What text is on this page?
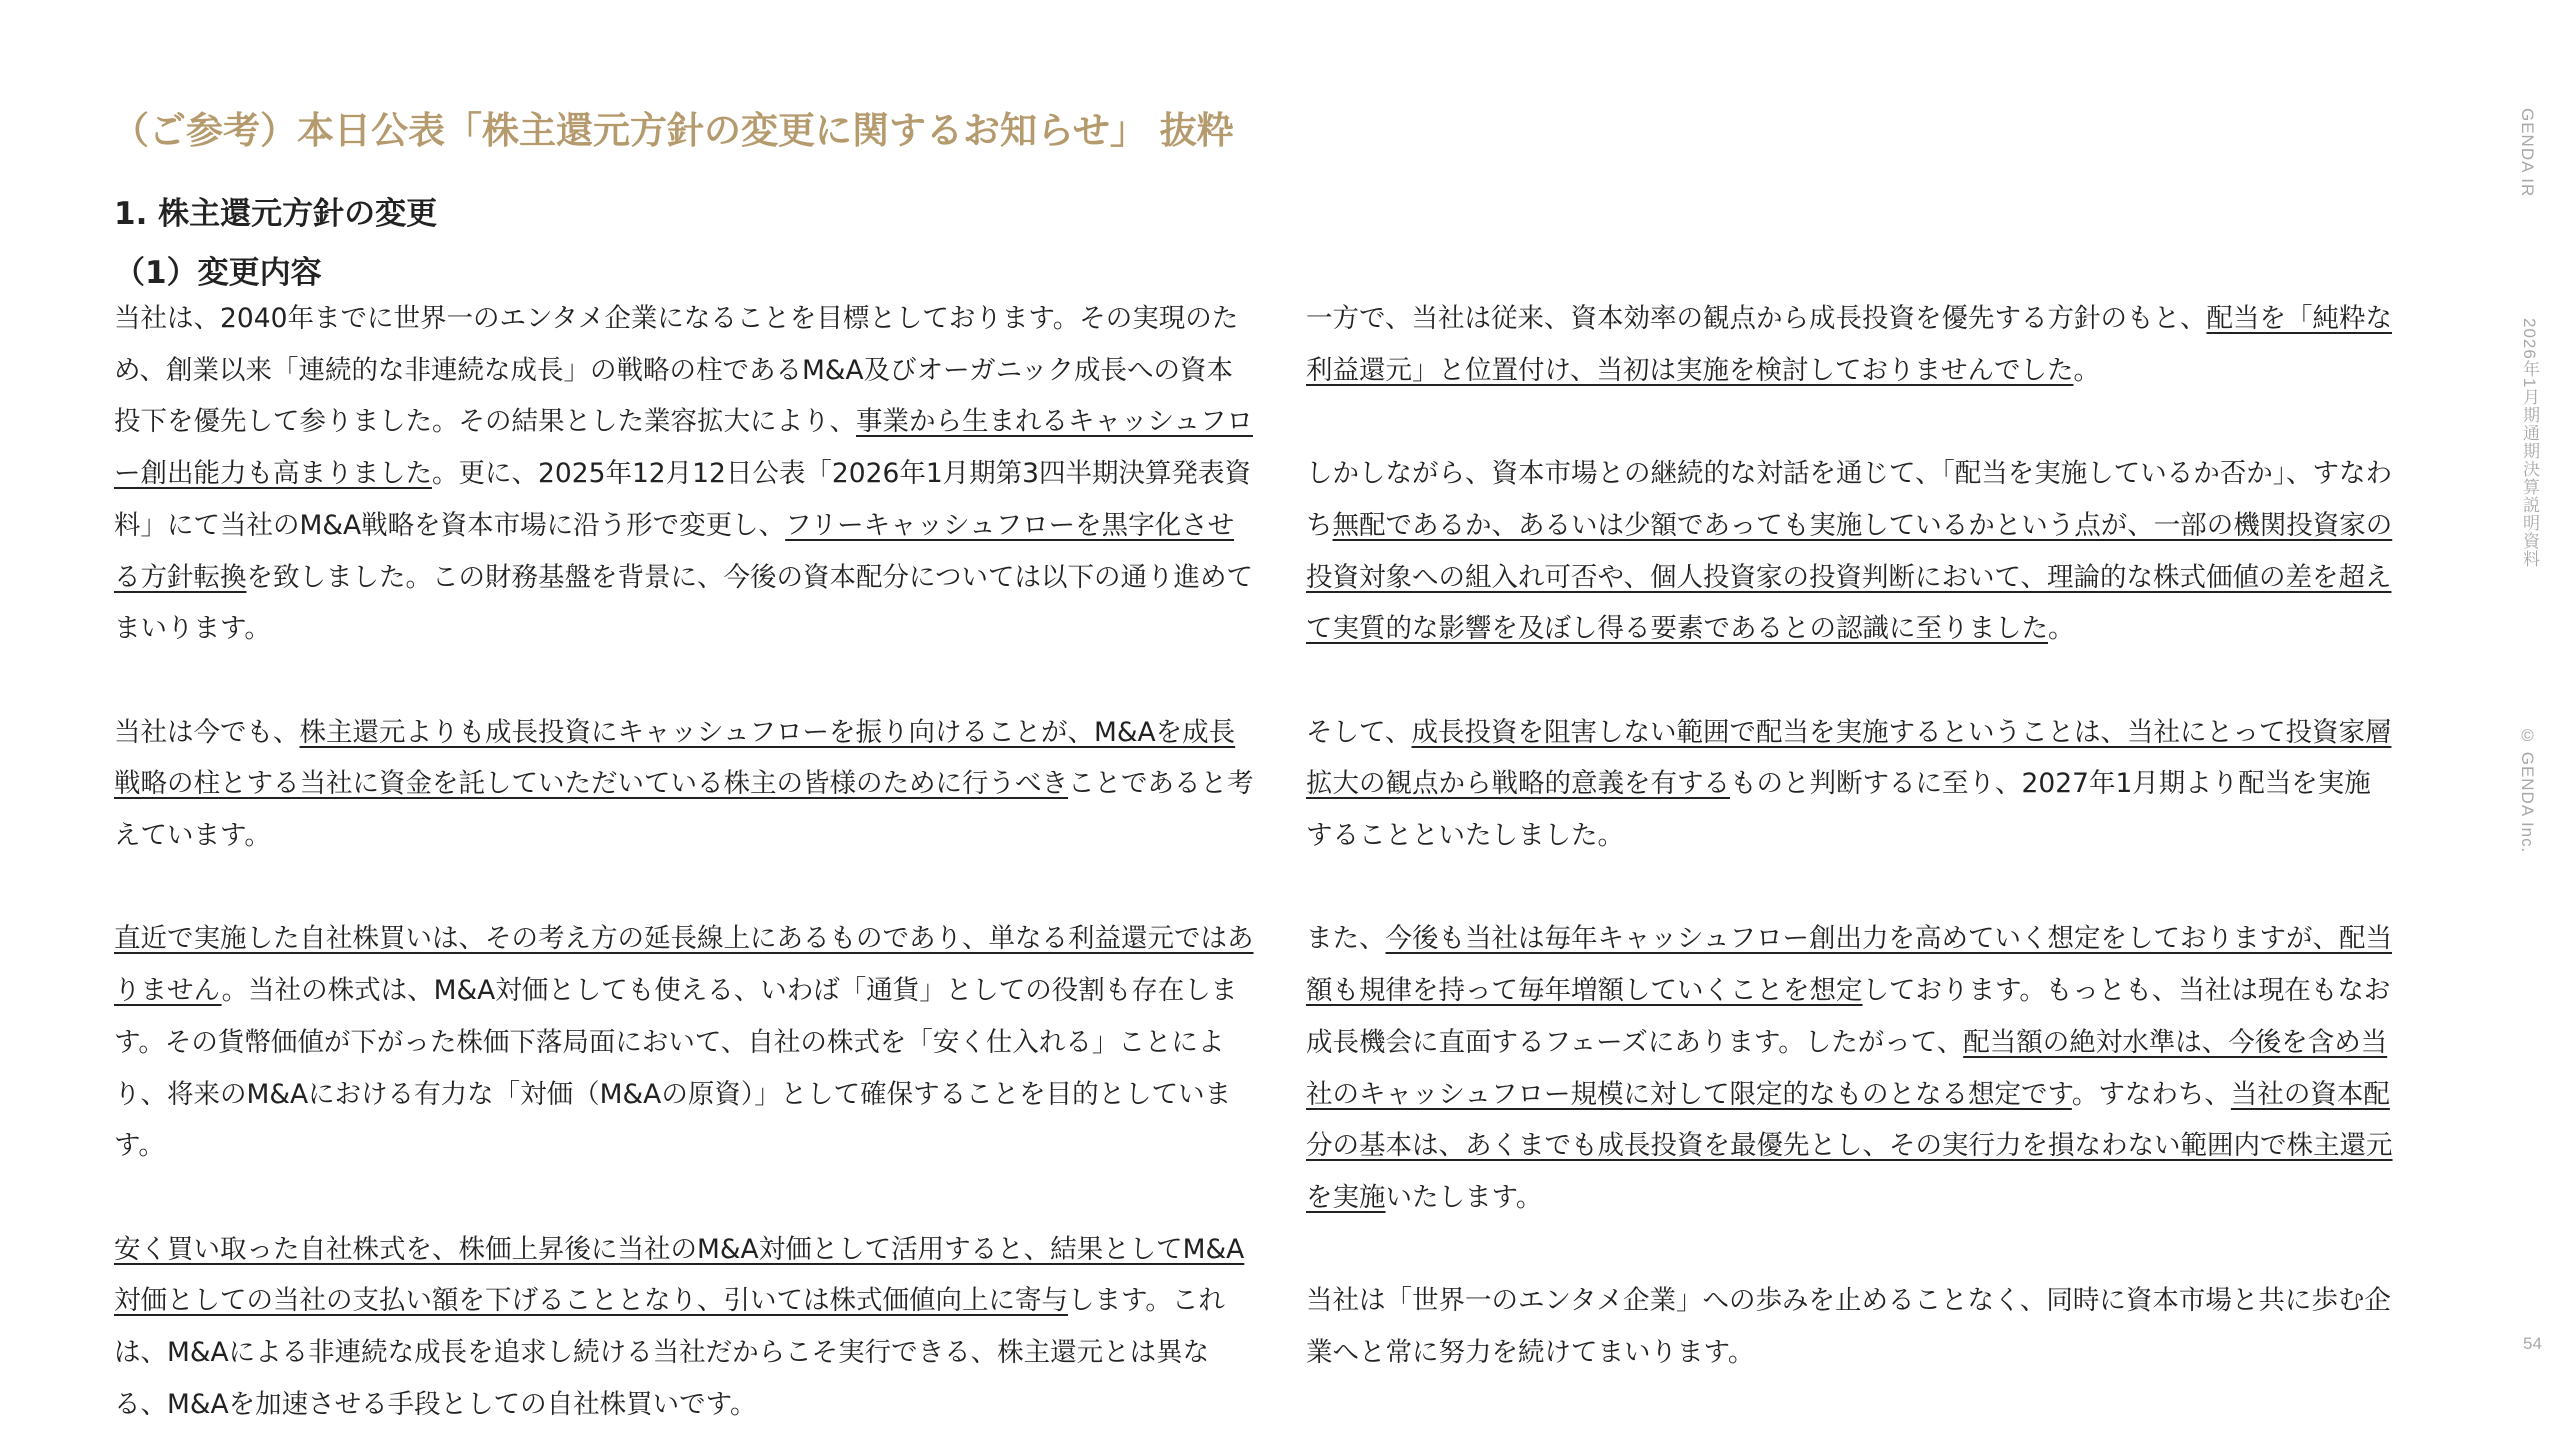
（ご参考）本日公表「株主還元方針の変更に関するお知らせ」 抜粋
1. 株主還元方針の変更
（1）変更内容

当社は、2040年までに世界一のエンタメ企業になることを目標としております。その実現のため、創業以来「連続的な非連続な成長」の戦略の柱であるM&A及びオーガニック成長への資本投下を優先して参りました。その結果とした業容拡大により、事業から生まれるキャッシュフロー創出能力も高まりました。更に、2025年12月12日公表「2026年1月期第3四半期決算発表資料」にて当社のM&A戦略を資本市場に沿う形で変更し、フリーキャッシュフローを黒字化させる方針転換を致しました。この財務基盤を背景に、今後の資本配分については以下の通り進めてまいります。

当社は今でも、株主還元よりも成長投資にキャッシュフローを振り向けることが、M&Aを成長戦略の柱とする当社に資金を託していただいている株主の皆様のために行うべきことであると考えています。

直近で実施した自社株買いは、その考え方の延長線上にあるものであり、単なる利益還元ではありません。当社の株式は、M&A対価としても使える、いわば「通貨」としての役割も存在します。その貨幣価値が下がった株価下落局面において、自社の株式を「安く仕入れる」ことにより、将来のM&Aにおける有力な「対価（M&Aの原資）」として確保することを目的としています。

安く買い取った自社株式を、株価上昇後に当社のM&A対価として活用すると、結果としてM&A対価としての当社の支払い額を下げることとなり、引いては株式価値向上に寄与します。これは、M&Aによる非連続な成長を追求し続ける当社だからこそ実行できる、株主還元とは異なる、M&Aを加速させる手段としての自社株買いです。

一方で、当社は従来、資本効率の観点から成長投資を優先する方針のもと、配当を「純粋な利益還元」と位置付け、当初は実施を検討しておりませんでした。

しかしながら、資本市場との継続的な対話を通じて、「配当を実施しているか否か」、すなわち無配であるか、あるいは少額であっても実施しているかという点が、一部の機関投資家の投資対象への組入れ可否や、個人投資家の投資判断において、理論的な株式価値の差を超えて実質的な影響を及ぼし得る要素であるとの認識に至りました。

そして、成長投資を阻害しない範囲で配当を実施するということは、当社にとって投資家層拡大の観点から戦略的意義を有するものと判断するに至り、2027年1月期より配当を実施することといたしました。

また、今後も当社は毎年キャッシュフロー創出力を高めていく想定をしておりますが、配当額も規律を持って毎年増額していくことを想定しております。もっとも、当社は現在もなお成長機会に直面するフェーズにあります。したがって、配当額の絶対水準は、今後を含め当社のキャッシュフロー規模に対して限定的なものとなる想定です。すなわち、当社の資本配分の基本は、あくまでも成長投資を最優先とし、その実行力を損なわない範囲内で株主還元を実施いたします。

当社は「世界一のエンタメ企業」への歩みを止めることなく、同時に資本市場と共に歩む企業へと常に努力を続けてまいります。

GENDA IR
2026年1月期通期決算説明資料
© GENDA Inc.
54
